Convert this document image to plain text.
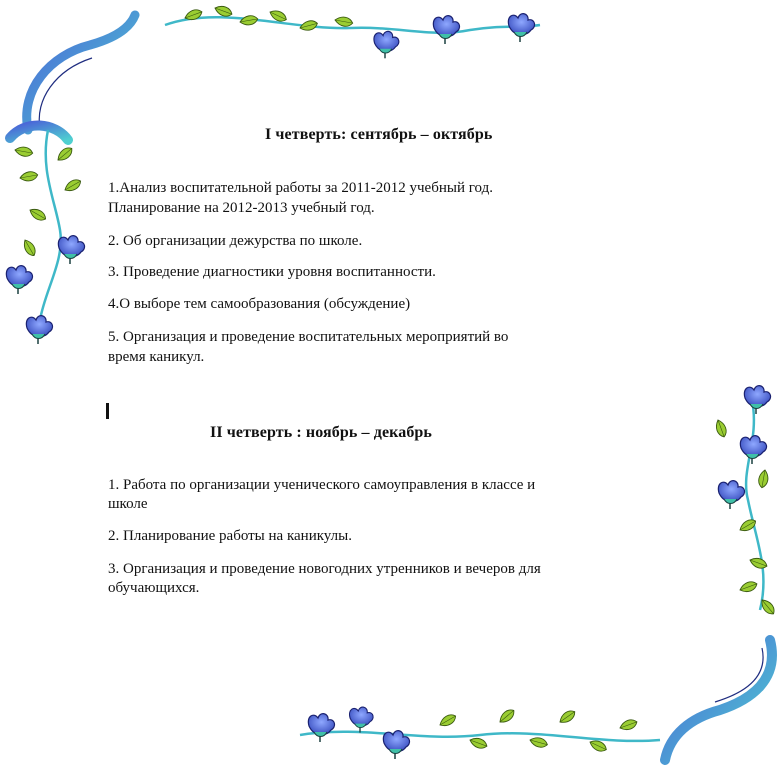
I четверть: сентябрь – октябрь
1.Анализ воспитательной работы за 2011-2012 учебный год.
Планирование на 2012-2013 учебный год.
2. Об организации дежурства по школе.
3. Проведение диагностики уровня воспитанности.
4.О выборе тем самообразования (обсуждение)
5. Организация и проведение воспитательных мероприятий во
время каникул.
II четверть : ноябрь – декабрь
1. Работа по организации ученического самоуправления в классе и
школе
2. Планирование работы на каникулы.
3. Организация и проведение новогодних утренников и вечеров для
обучающихся.
